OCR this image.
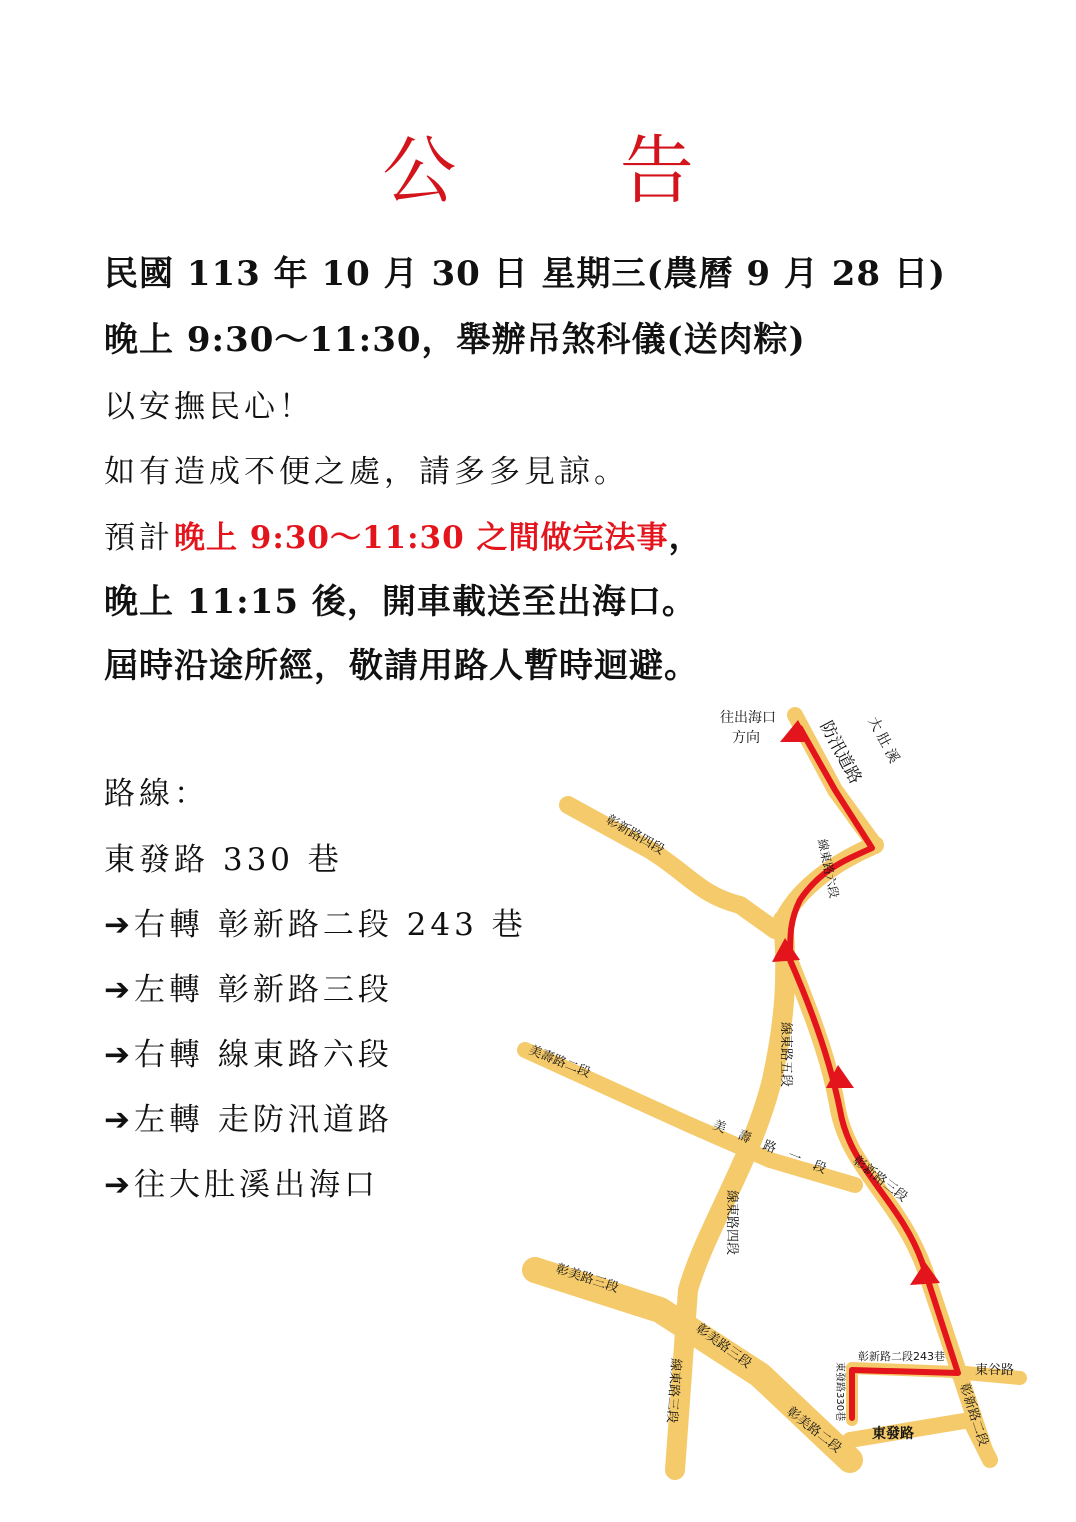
公 告
民國 113 年 10 月 30 日 星期三(農曆 9 月 28 日)
晚上 9:30～11:30，舉辦吊煞科儀(送肉粽)
以安撫民心！
如有造成不便之處，請多多見諒。
預計晚上 9:30～11:30 之間做完法事，
晚上 11:15 後，開車載送至出海口。
屆時沿途所經，敬請用路人暫時迴避。
路線：
東發路 330 巷
➔右轉 彰新路二段 243 巷
➔左轉 彰新路三段
➔右轉 線東路六段
➔左轉 走防汛道路
➔往大肚溪出海口
往出海口
方向	防汛道路 大肚溪
彰新路四段
線東路六段
線東路五段
美壽路二段
美壽路一段 彰新路三段
線東路四段
彰美路三段
彰美路三段
彰美路二段
線東路三段
彰新路二段243巷
東發路330巷	東谷路
東發路	彰新路二段
